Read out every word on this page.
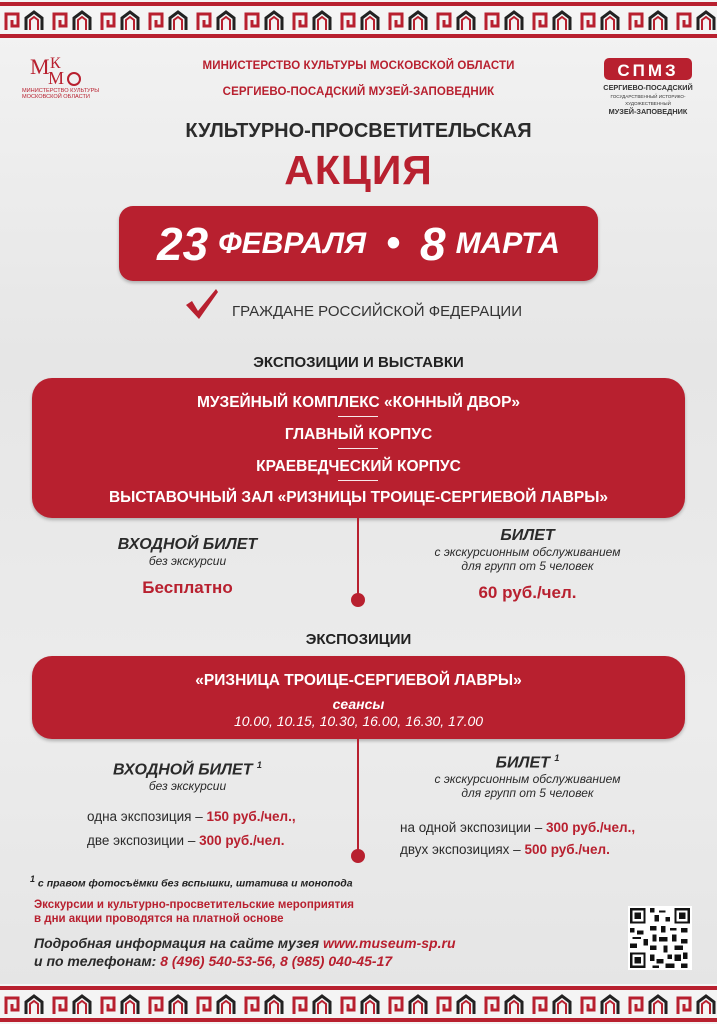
М К
М
МИНИСТЕРСТВО КУЛЬТУРЫ
МОСКОВСКОЙ ОБЛАСТИ
МИНИСТЕРСТВО КУЛЬТУРЫ МОСКОВСКОЙ ОБЛАСТИ
СЕРГИЕВО-ПОСАДСКИЙ МУЗЕЙ-ЗАПОВЕДНИК
СПМЗ
СЕРГИЕВО-ПОСАДСКИЙ
ГОСУДАРСТВЕННЫЙ ИСТОРИКО-ХУДОЖЕСТВЕННЫЙ
МУЗЕЙ-ЗАПОВЕДНИК
КУЛЬТУРНО-ПРОСВЕТИТЕЛЬСКАЯ
АКЦИЯ
23 ФЕВРАЛЯ • 8 МАРТА
ГРАЖДАНЕ РОССИЙСКОЙ ФЕДЕРАЦИИ
ЭКСПОЗИЦИИ И ВЫСТАВКИ
МУЗЕЙНЫЙ КОМПЛЕКС «КОННЫЙ ДВОР»
ГЛАВНЫЙ КОРПУС
КРАЕВЕДЧЕСКИЙ КОРПУС
ВЫСТАВОЧНЫЙ ЗАЛ «РИЗНИЦЫ ТРОИЦЕ-СЕРГИЕВОЙ ЛАВРЫ»
ВХОДНОЙ БИЛЕТ
без экскурсии
Бесплатно
БИЛЕТ
с экскурсионным обслуживанием
для групп от 5 человек
60 руб./чел.
ЭКСПОЗИЦИИ
«РИЗНИЦА ТРОИЦЕ-СЕРГИЕВОЙ ЛАВРЫ»
сеансы
10.00, 10.15, 10.30, 16.00, 16.30, 17.00
ВХОДНОЙ БИЛЕТ $^1$
без экскурсии
одна экспозиция – 150 руб./чел.,
две экспозиции – 300 руб./чел.
БИЛЕТ $^1$
с экскурсионным обслуживанием
для групп от 5 человек
на одной экспозиции – 300 руб./чел.,
двух экспозициях – 500 руб./чел.
$^1$ с правом фотосъёмки без вспышки, штатива и монопода
Экскурсии и культурно-просветительские мероприятия
в дни акции проводятся на платной основе
Подробная информация на сайте музея www.museum-sp.ru
и по телефонам: 8 (496) 540-53-56, 8 (985) 040-45-17
